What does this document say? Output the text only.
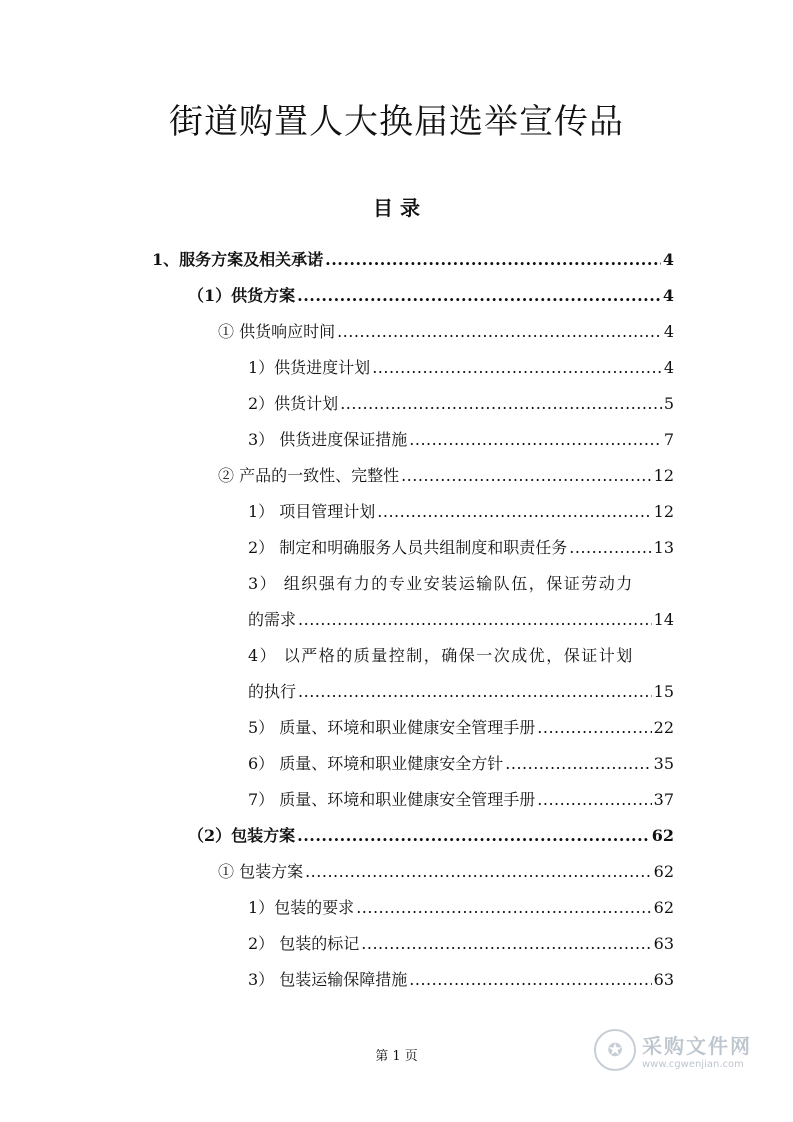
街道购置人大换届选举宣传品
目 录
1、服务方案及相关承诺 .....	4
（1）供货方案 .....	4
① 供货响应时间 .....	4
1）供货进度计划 .....	4
2）供货计划 .....	5
3） 供货进度保证措施 .....	7
② 产品的一致性、完整性 .....	12
1） 项目管理计划 .....	12
2） 制定和明确服务人员共组制度和职责任务 .....	13
3） 组织强有力的专业安装运输队伍，保证劳动力
的需求 .....	14
4） 以严格的质量控制，确保一次成优，保证计划
的执行 .....	15
5） 质量、环境和职业健康安全管理手册 .....	22
6） 质量、环境和职业健康安全方针 .....	35
7） 质量、环境和职业健康安全管理手册 .....	37
（2）包装方案 .....	62
① 包装方案 .....	62
1）包装的要求 .....	62
2） 包装的标记 .....	63
3） 包装运输保障措施 .....	63
第 1 页	✪ 采购文件网
www.cgwenjian.com
